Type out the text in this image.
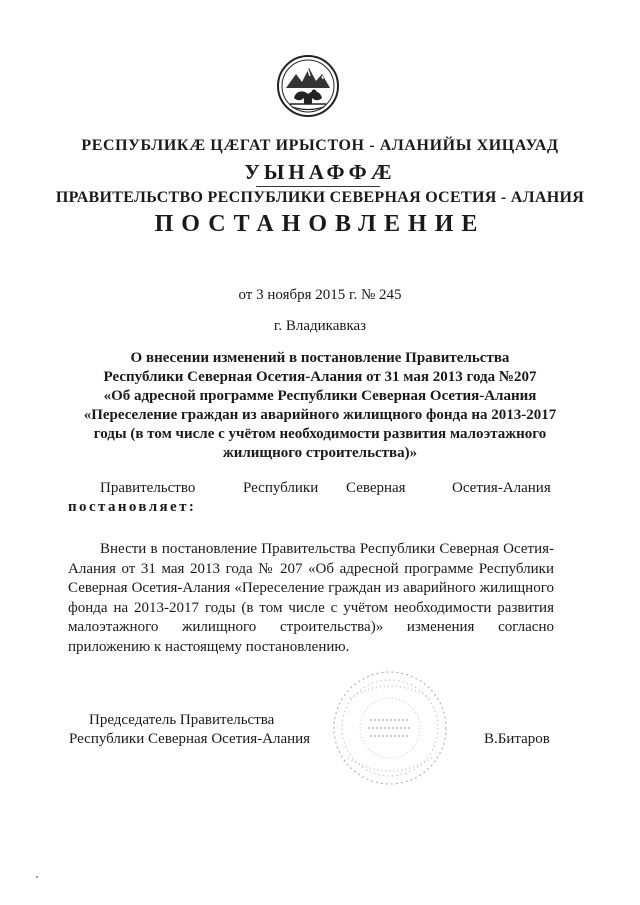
РЕСПУБЛИКÆ ЦÆГАТ ИРЫСТОН - АЛАНИЙЫ ХИЦАУАД
УЫНАФФÆ
ПРАВИТЕЛЬСТВО РЕСПУБЛИКИ СЕВЕРНАЯ ОСЕТИЯ - АЛАНИЯ
ПОСТАНОВЛЕНИЕ
от 3 ноября 2015 г. № 245
г. Владикавказ
О внесении изменений в постановление Правительства
Республики Северная Осетия-Алания от 31 мая 2013 года №207
«Об адресной программе Республики Северная Осетия-Алания
«Переселение граждан из аварийного жилищного фонда на 2013-2017
годы (в том числе с учётом необходимости развития малоэтажного
жилищного строительства)»
Правительство	Республики Северная	Осетия-Алания
постановляет:
Внести в постановление Правительства Республики Северная Осетия-
Алания от 31 мая 2013 года № 207 «Об адресной программе Республики
Северная Осетия-Алания «Переселение граждан из аварийного жилищного
фонда на 2013-2017 годы (в том числе с учётом необходимости развития
малоэтажного жилищного строительства)» изменения согласно
приложению к настоящему постановлению.
Председатель Правительства
Республики Северная Осетия-Алания	В.Битаров
